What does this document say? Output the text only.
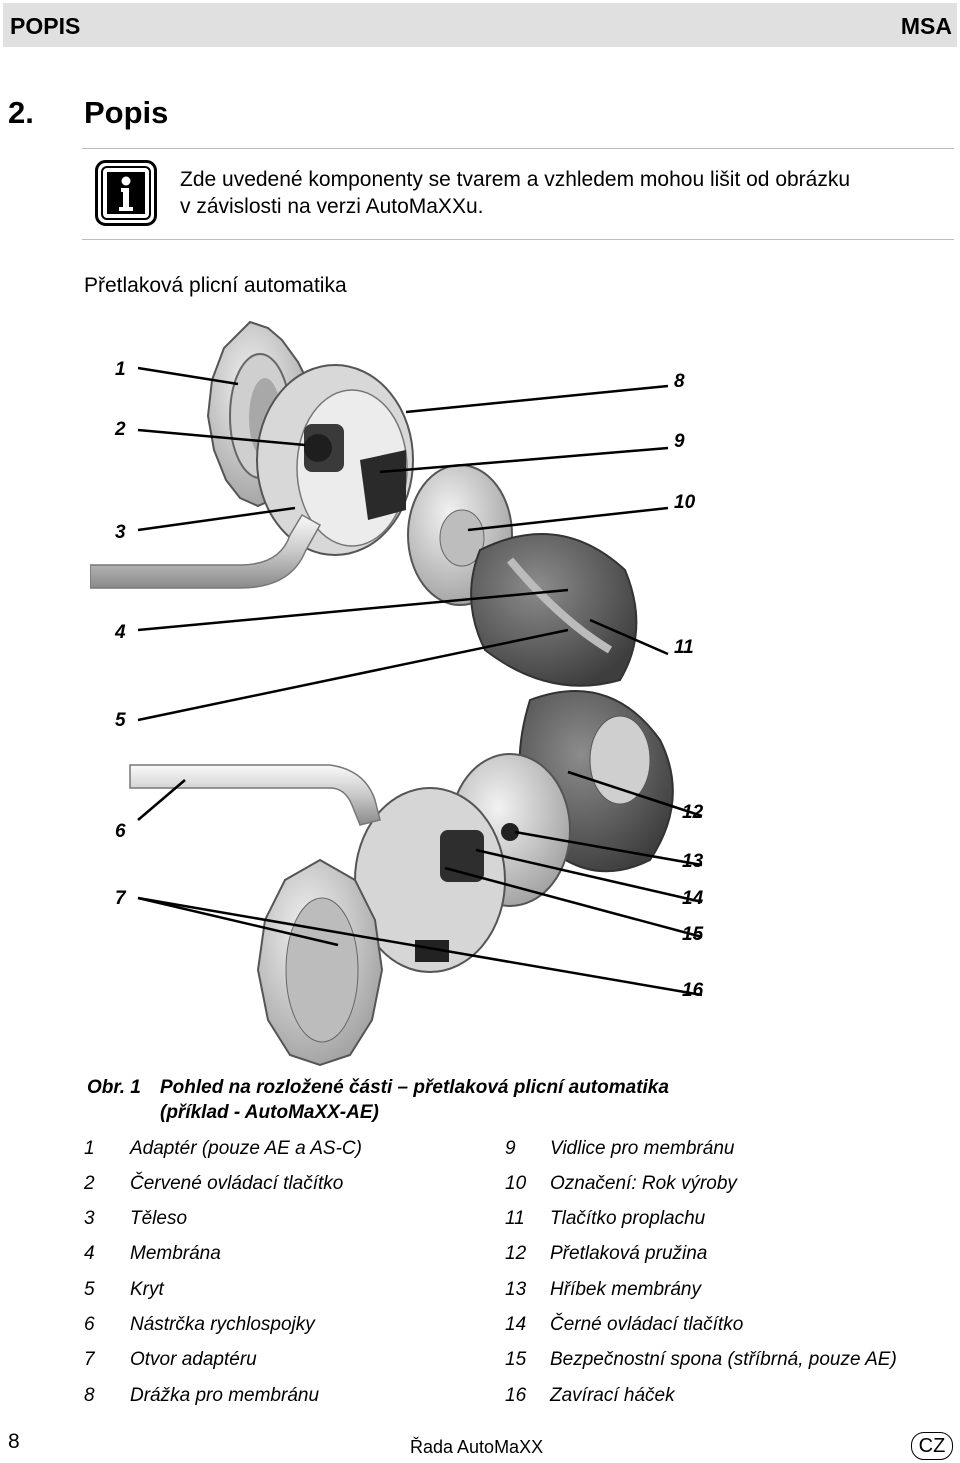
POPIS	MSA
2. Popis
Zde uvedené komponenty se tvarem a vzhledem mohou lišit od obrázku
v závislosti na verzi AutoMaXXu.
Přetlaková plicní automatika
1
2
3
4
5
6
7
8
9
10
11
12
13
14
15
16
Obr. 1 Pohled na rozložené části – přetlaková plicní automatika
(příklad - AutoMaXX-AE)
1 Adaptér (pouze AE a AS-C)
2 Červené ovládací tlačítko
3 Těleso
4 Membrána
5 Kryt
6 Nástrčka rychlospojky
7 Otvor adaptéru
8 Drážka pro membránu
9 Vidlice pro membránu
10 Označení: Rok výroby
11 Tlačítko proplachu
12 Přetlaková pružina
13 Hříbek membrány
14 Černé ovládací tlačítko
15 Bezpečnostní spona (stříbrná, pouze AE)
16 Zavírací háček
8	Řada AutoMaXX	CZ
